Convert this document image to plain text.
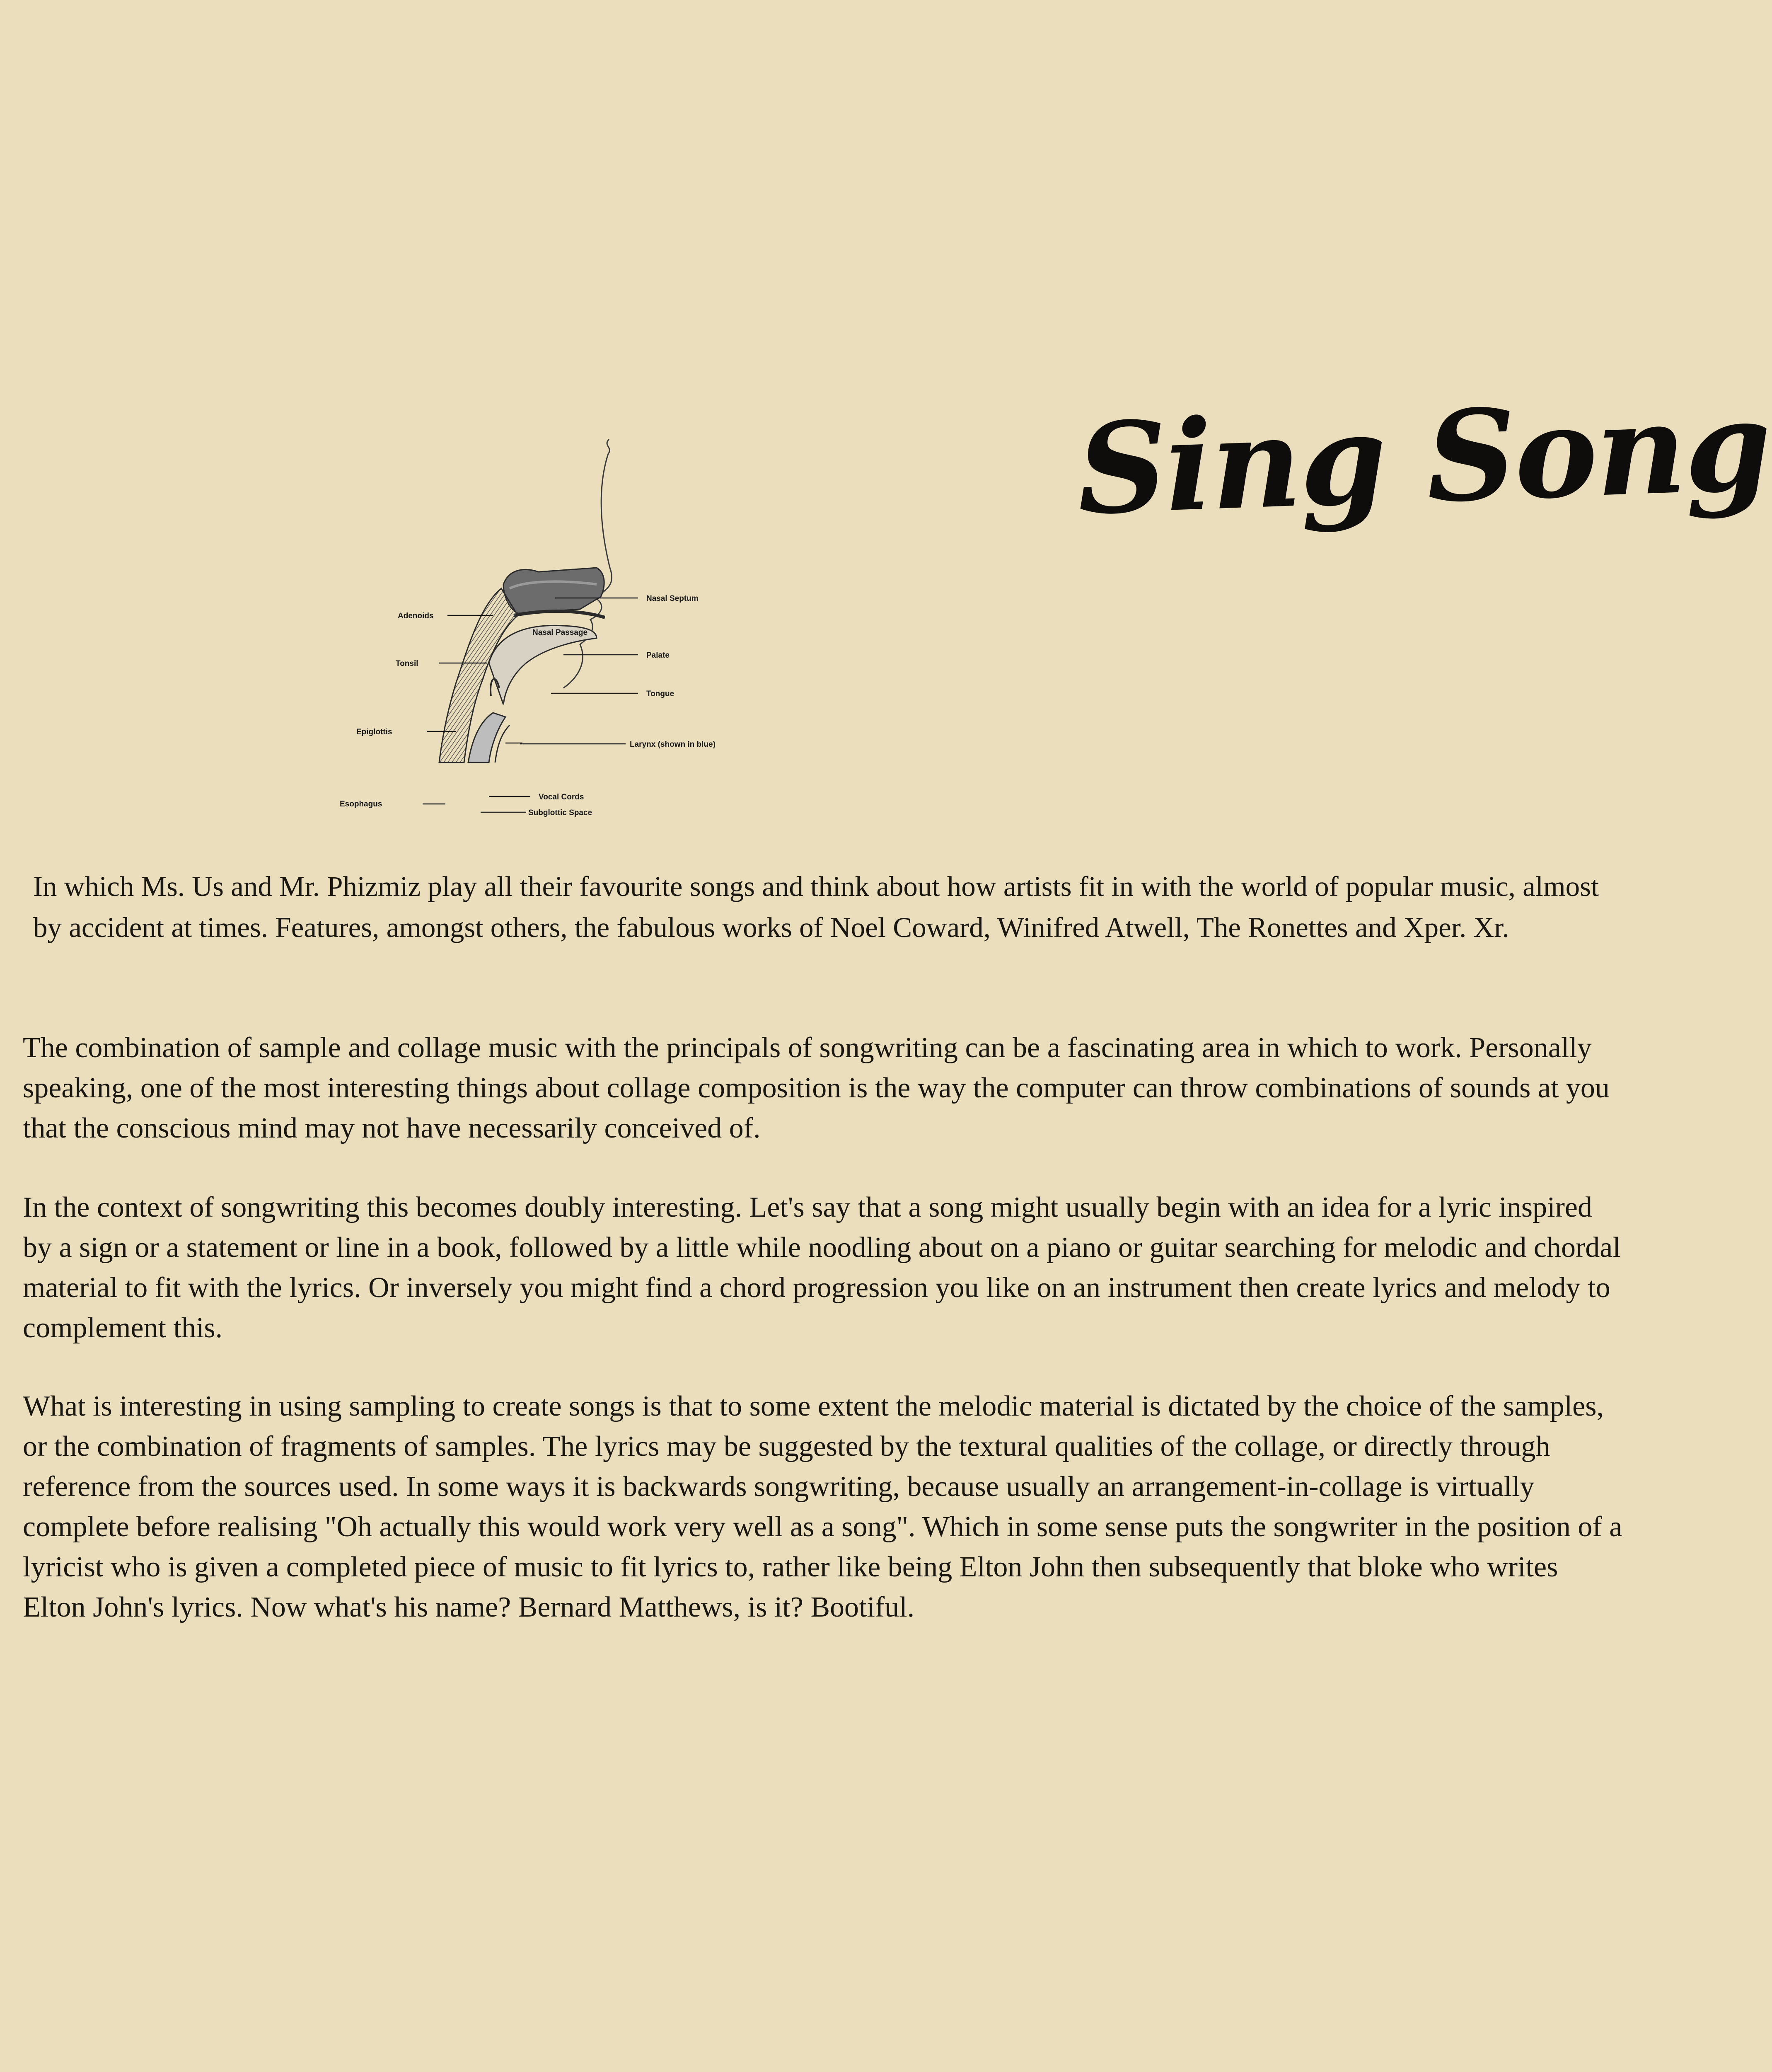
Sing Song
Adenoids
Tonsil
Epiglottis
Esophagus
Nasal Septum
Nasal Passage
Palate
Tongue
Larynx (shown in blue)
Vocal Cords
Subglottic Space

In which Ms. Us and Mr. Phizmiz play all their favourite songs and think about how artists fit in with the world of popular music, almost by accident at times. Features, amongst others, the fabulous works of Noel Coward, Winifred Atwell, The Ronettes and Xper. Xr.

The combination of sample and collage music with the principals of songwriting can be a fascinating area in which to work. Personally speaking, one of the most interesting things about collage composition is the way the computer can throw combinations of sounds at you that the conscious mind may not have necessarily conceived of.

In the context of songwriting this becomes doubly interesting. Let's say that a song might usually begin with an idea for a lyric inspired by a sign or a statement or line in a book, followed by a little while noodling about on a piano or guitar searching for melodic and chordal material to fit with the lyrics. Or inversely you might find a chord progression you like on an instrument then create lyrics and melody to complement this.

What is interesting in using sampling to create songs is that to some extent the melodic material is dictated by the choice of the samples, or the combination of fragments of samples. The lyrics may be suggested by the textural qualities of the collage, or directly through reference from the sources used. In some ways it is backwards songwriting, because usually an arrangement-in-collage is virtually complete before realising "Oh actually this would work very well as a song". Which in some sense puts the songwriter in the position of a lyricist who is given a completed piece of music to fit lyrics to, rather like being Elton John then subsequently that bloke who writes Elton John's lyrics. Now what's his name? Bernard Matthews, is it? Bootiful.
